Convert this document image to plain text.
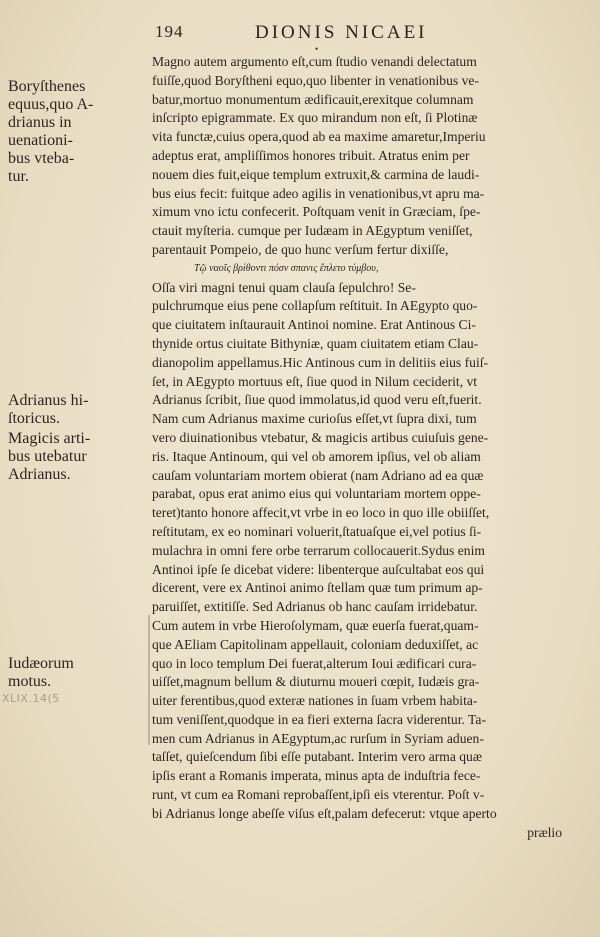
194	DIONIS NICAEI
•
Magno autem argumento eſt,cum ſtudio venandi delectatum
fuiſſe,quod Boryſtheni equo,quo libenter in venationibus ve-
batur,mortuo monumentum ædificauit,erexitque columnam
inſcripto epigrammate. Ex quo mirandum non eſt, ſi Plotinæ
vita functæ,cuius opera,quod ab ea maxime amaretur,Imperiu
adeptus erat, ampliſſimos honores tribuit. Atratus enim per
nouem dies fuit,eique templum extruxit,& carmina de laudi-
bus eius fecit: fuitque adeo agilis in venationibus,vt apru ma-
ximum vno ictu confecerit. Poſtquam venit in Græciam, ſpe-
ctauit myſteria. cumque per Iudæam in AEgyptum veniſſet,
parentauit Pompeio, de quo hunc verſum fertur dixiſſe,
Τῷ ναοῖς βρίθοντι πόσν σπανις ἔπλετο τύμβου,
Oſſa viri magni tenui quam clauſa ſepulchro! Se-
pulchrumque eius pene collapſum reſtituit. In AEgypto quo-
que ciuitatem inſtaurauit Antinoi nomine. Erat Antinous Ci-
thynide ortus ciuitate Bithyniæ, quam ciuitatem etiam Clau-
dianopolim appellamus.Hic Antinous cum in delitiis eius fuiſ-
ſet, in AEgypto mortuus eſt, ſiue quod in Nilum ceciderit, vt
Adrianus ſcribit, ſiue quod immolatus,id quod veru eſt,fuerit.
Nam cum Adrianus maxime curioſus eſſet,vt ſupra dixi, tum
vero diuinationibus vtebatur, & magicis artibus cuiuſuis gene-
ris. Itaque Antinoum, qui vel ob amorem ipſius, vel ob aliam
cauſam voluntariam mortem obierat (nam Adriano ad ea quæ
parabat, opus erat animo eius qui voluntariam mortem oppe-
teret)tanto honore affecit,vt vrbe in eo loco in quo ille obiiſſet,
reſtitutam, ex eo nominari voluerit,ſtatuaſque ei,vel potius ſi-
mulachra in omni fere orbe terrarum collocauerit.Sydus enim
Antinoi ipſe ſe dicebat videre: libenterque auſcultabat eos qui
dicerent, vere ex Antinoi animo ſtellam quæ tum primum ap-
paruiſſet, extitiſſe. Sed Adrianus ob hanc cauſam irridebatur.
Cum autem in vrbe Hieroſolymam, quæ euerſa fuerat,quam-
que AEliam Capitolinam appellauit, coloniam deduxiſſet, ac
quo in loco templum Dei fuerat,alterum Ioui ædificari cura-
uiſſet,magnum bellum & diuturnu moueri cœpit, Iudæis gra-
uiter ferentibus,quod exteræ nationes in ſuam vrbem habita-
tum veniſſent,quodque in ea fieri externa ſacra viderentur. Ta-
men cum Adrianus in AEgyptum,ac rurſum in Syriam aduen-
taſſet, quieſcendum ſibi eſſe putabant. Interim vero arma quæ
ipſis erant a Romanis imperata, minus apta de induſtria fece-
runt, vt cum ea Romani reprobaſſent,ipſi eis vterentur. Poſt v-
bi Adrianus longe abeſſe viſus eſt,palam defecerut: vtque aperto
prælio
Boryſthenes
equus,quo A-
drianus in
uenationi-
bus vteba-
tur.
Adrianus hi-
ſtoricus.
Magicis arti-
bus utebatur
Adrianus.
Iudæorum
motus.
XLIX.14(5
